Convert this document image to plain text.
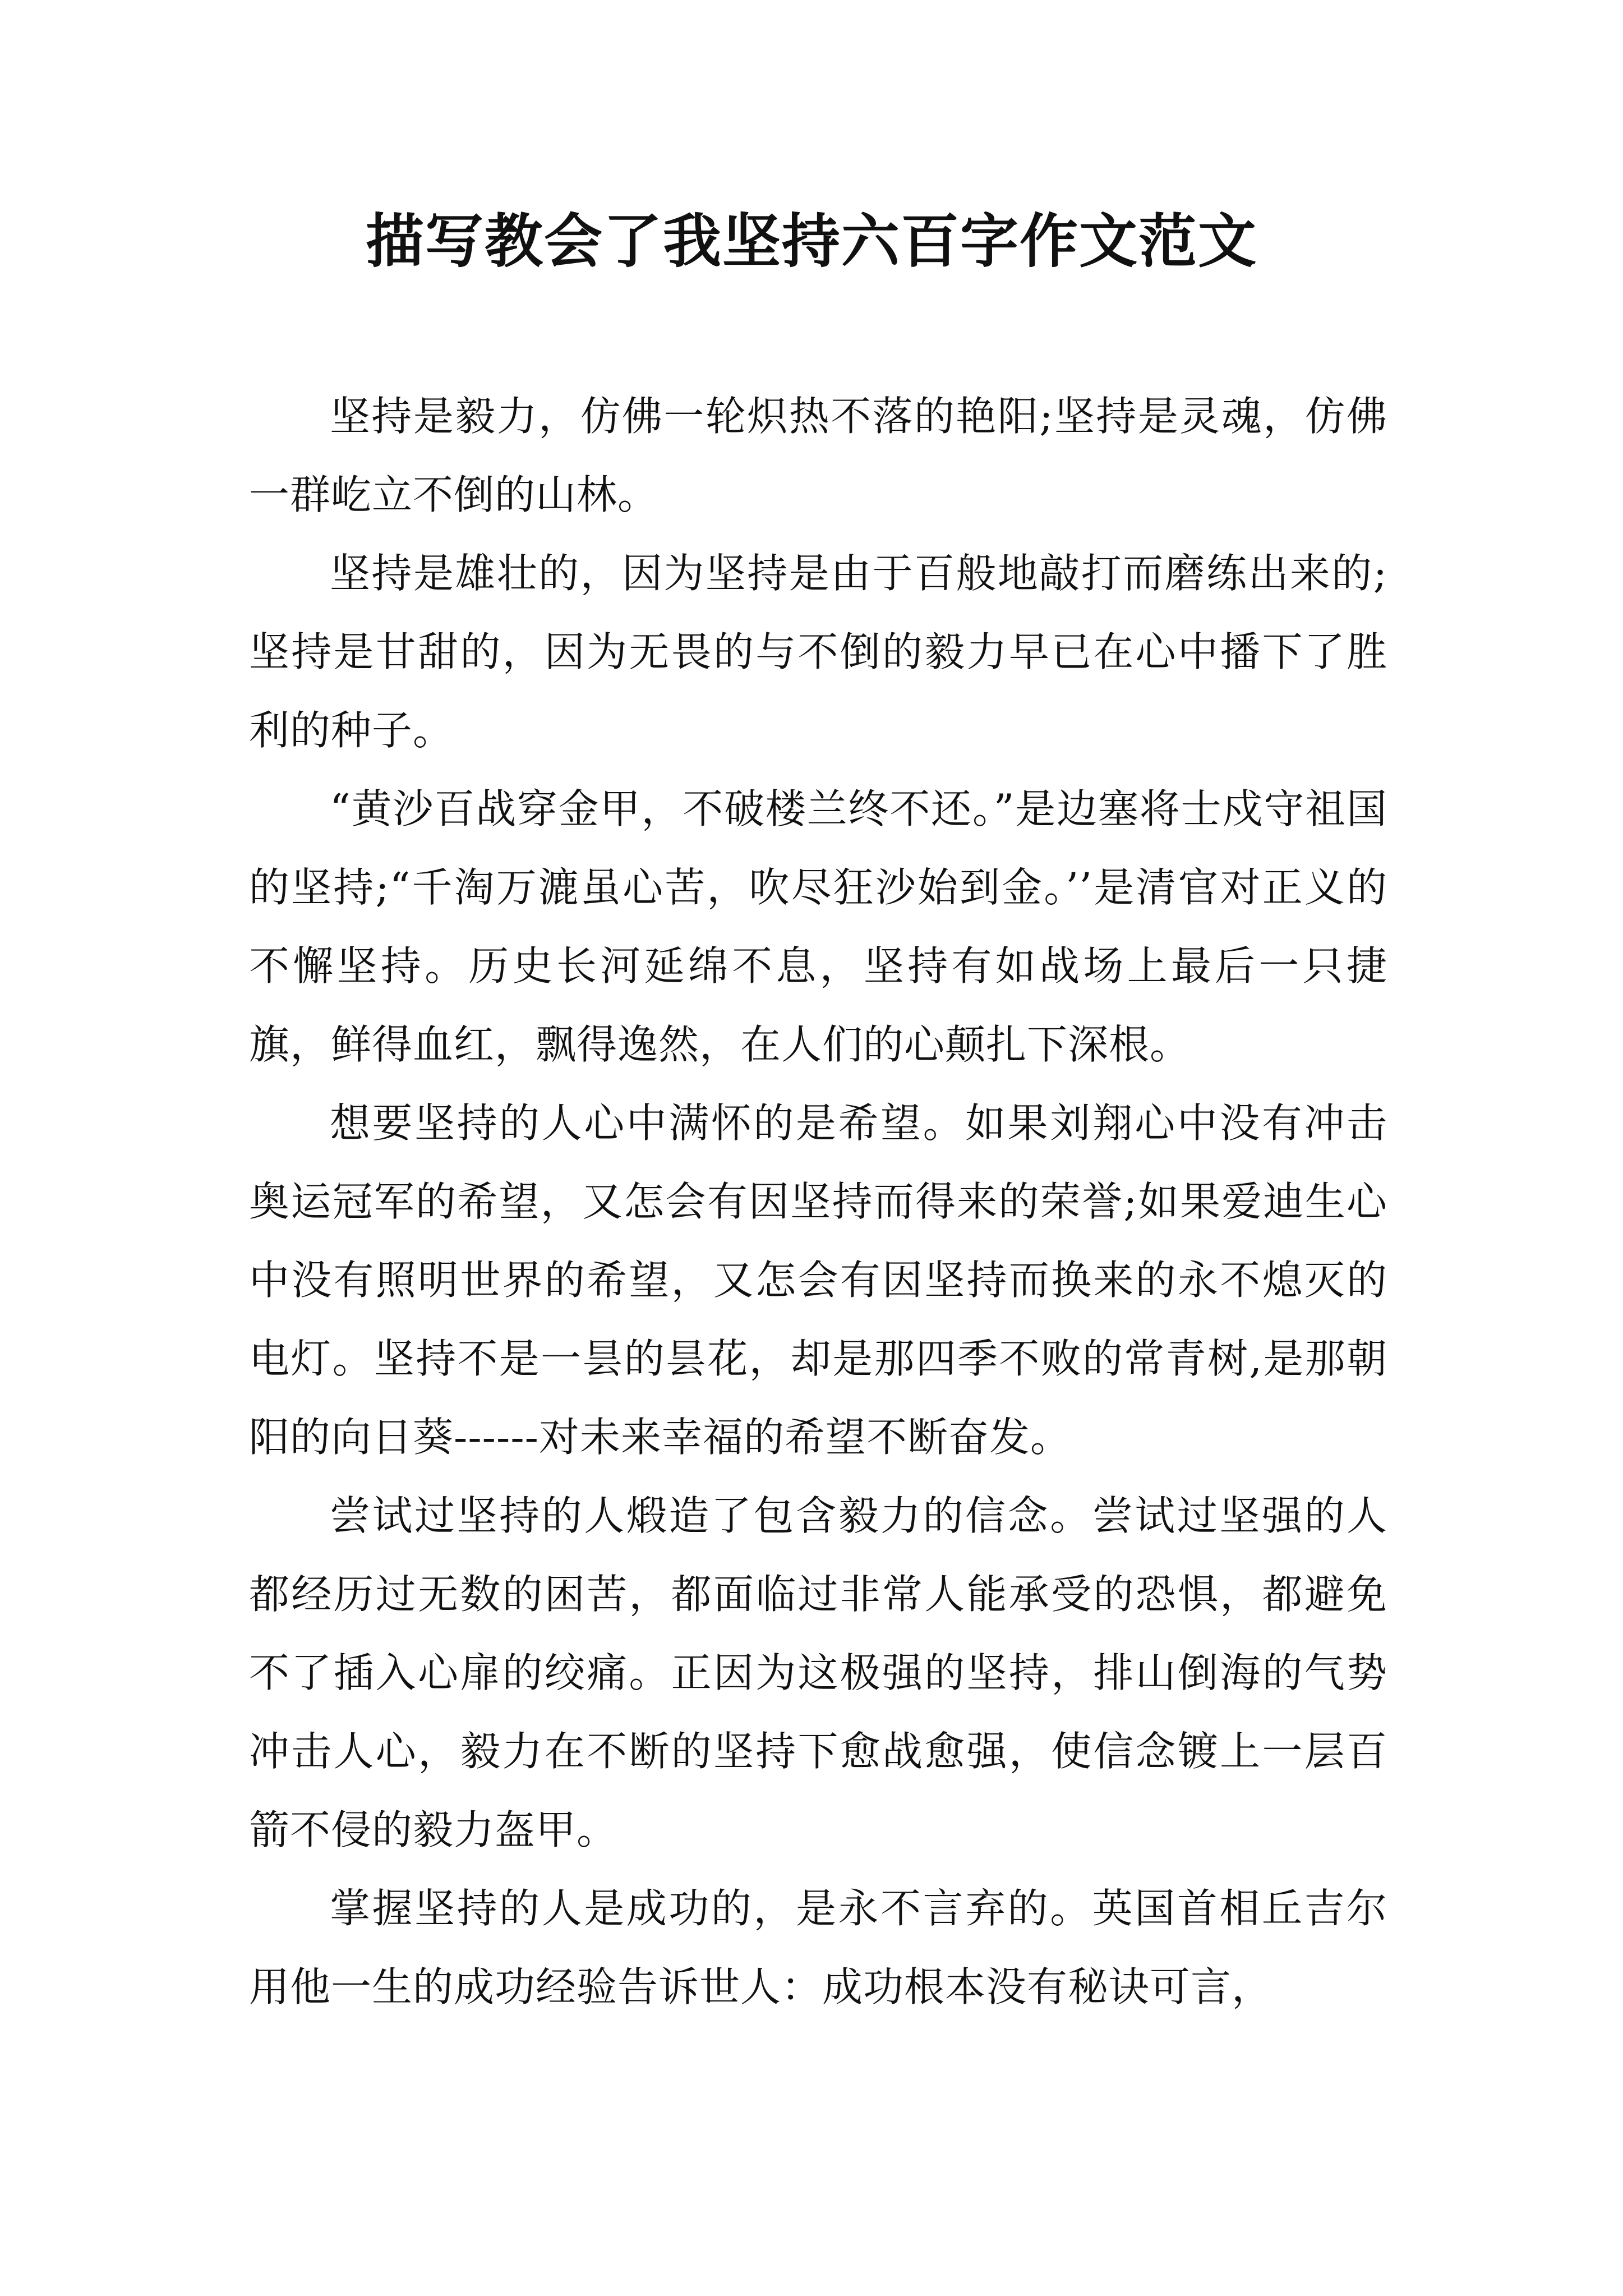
描写教会了我坚持六百字作文范文

坚持是毅力，仿佛一轮炽热不落的艳阳;坚持是灵魂，仿佛一群屹立不倒的山林。

坚持是雄壮的，因为坚持是由于百般地敲打而磨练出来的;坚持是甘甜的，因为无畏的与不倒的毅力早已在心中播下了胜利的种子。

“黄沙百战穿金甲，不破楼兰终不还。”是边塞将士戍守祖国的坚持;“千淘万漉虽心苦，吹尽狂沙始到金。’’是清官对正义的不懈坚持。历史长河延绵不息，坚持有如战场上最后一只捷旗，鲜得血红，飘得逸然，在人们的心颠扎下深根。

想要坚持的人心中满怀的是希望。如果刘翔心中没有冲击奥运冠军的希望，又怎会有因坚持而得来的荣誉;如果爱迪生心中没有照明世界的希望，又怎会有因坚持而换来的永不熄灭的电灯。坚持不是一昙的昙花，却是那四季不败的常青树,是那朝阳的向日葵------对未来幸福的希望不断奋发。

尝试过坚持的人煅造了包含毅力的信念。尝试过坚强的人都经历过无数的困苦，都面临过非常人能承受的恐惧，都避免不了插入心扉的绞痛。正因为这极强的坚持，排山倒海的气势冲击人心，毅力在不断的坚持下愈战愈强，使信念镀上一层百箭不侵的毅力盔甲。

掌握坚持的人是成功的，是永不言弃的。英国首相丘吉尔用他一生的成功经验告诉世人：成功根本没有秘诀可言，
